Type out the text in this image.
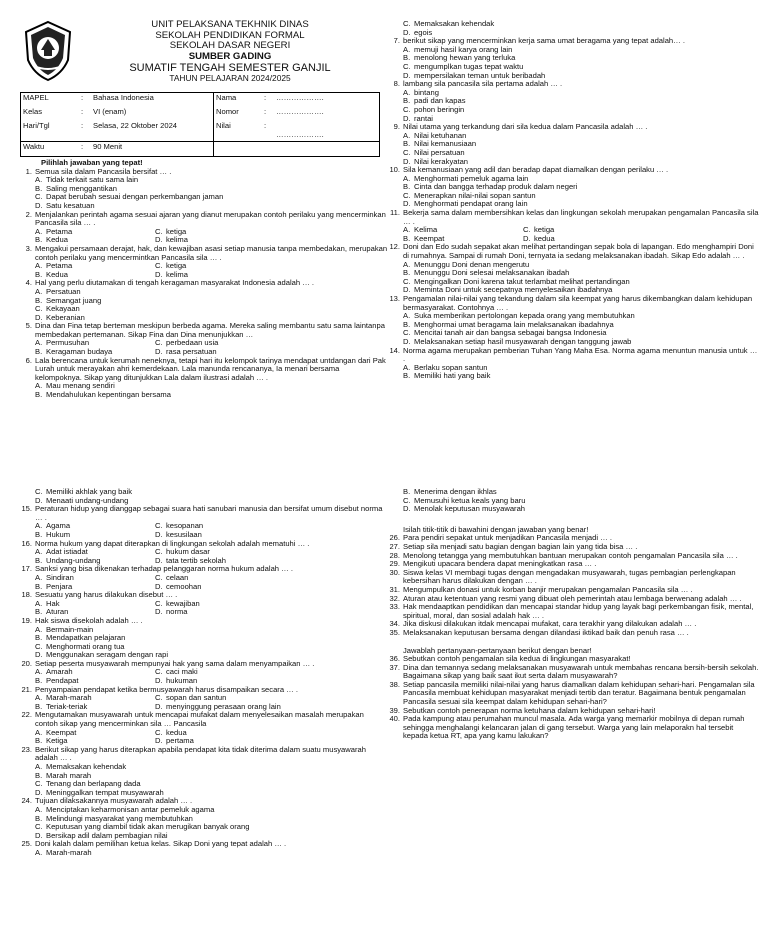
UNIT PELAKSANA TEKHNIK DINAS
SEKOLAH PENDIDIKAN FORMAL
SEKOLAH DASAR NEGERI
SUMBER GADING
SUMATIF TENGAH SEMESTER GANJIL
TAHUN PELAJARAN 2024/2025
MAPEL	:	Bahasa Indonesia	Nama	:	……………….
Kelas	:	VI (enam)	Nomor	:	……………….
Hari/Tgl	:	Selasa, 22 Oktober 2024	Nilai	:	……………….
Waktu	:	90 Menit			
Pilihlah jawaban yang tepat!
1. Semua sila dalam Pancasila bersifat … .
A. Tidak terkait satu sama lain
B. Saling menggantikan
C. Dapat berubah sesuai dengan perkembangan jaman
D. Satu kesatuan
2. Menjalankan perintah agama sesuai ajaran yang dianut merupakan contoh perilaku yang mencerminkan Pancasila sila … .
A. Petama	C. ketiga
B. Kedua	D. kelima
3. Mengakui persamaan derajat, hak, dan kewajiban asasi setiap manusia tanpa membedakan, merupakan contoh perilaku yang mencermintkan Pancasila sila … .
A. Petama	C. ketiga
B. Kedua	D. kelima
4. Hal yang perlu diutamakan di tengah keragaman masyarakat Indonesia adalah … .
A. Persatuan
B. Semangat juang
C. Kekayaan
D. Keberanian
5. Dina dan Fina tetap berteman meskipun berbeda agama. Mereka saling membantu satu sama laintanpa membedakan pertemanan. Sikap Fina dan Dina menunjukkan …
A. Permusuhan	C. perbedaan usia
B. Keragaman budaya	D. rasa persatuan
6. Lala berencana untuk kerumah neneknya, tetapi hari itu kelompok tarinya mendapat untdangan dari Pak Lurah untuk merayakan ahri kemerdekaan. Lala manunda rencananya, Ia menari bersama kelompoknya. Sikap yang ditunjukkan Lala dalam ilustrasi adalah … .
A. Mau menang sendiri
B. Mendahulukan kepentingan bersama
C. Memaksakan kehendak
D. egois
7. berikut sikap yang mencerminkan kerja sama umat beragama yang tepat adalah… .
A. memuji hasil karya orang lain
B. menolong hewan yang terluka
C. mengumplkan tugas tepat waktu
D. mempersilakan teman untuk beribadah
8. lambang sila pancasila sila pertama adalah … .
A. bintang
B. padi dan kapas
C. pohon beringin
D. rantai
9. Nilai utama yang terkandung dari sila kedua dalam Pancasila adalah … .
A. Nilai ketuhanan
B. Nilai kemanusiaan
C. Nilai persatuan
D. Nilai kerakyatan
10. Sila kemanusiaan yang adil dan beradap dapat diamalkan dengan perilaku … .
A. Menghormati pemeluk agama lain
B. Cinta dan bangga terhadap produk dalam negeri
C. Menerapkan nilai-nilai sopan santun
D. Menghormati pendapat orang lain
11. Bekerja sama dalam membersihkan kelas dan lingkungan sekolah merupakan pengamalan Pancasila sila … .
A. Kelima	C. ketiga
B. Keempat	D. kedua
12. Doni dan Edo sudah sepakat akan melihat pertandingan sepak bola di lapangan. Edo menghampiri Doni di rumahnya. Sampai di rumah Doni, ternyata ia sedang melaksanakan ibadah. Sikap Edo adalah … .
A. Menunggu Doni denan mengerutu
B. Menunggu Doni selesai melaksanakan ibadah
C. Mengingalkan Doni karena takut terlambat melihat pertandingan
D. Meminta Doni untuk secepatnya menyelesaikan ibadahnya
13. Pengamalan nilai-nilai yang tekandung dalam sila keempat yang harus dikembangkan dalam kehidupan bermasyarakat. Contohnya … .
A. Suka memberikan pertolongan kepada orang yang membutuhkan
B. Menghormai umat beragama lain melaksanakan ibadahnya
C. Mencitai tanah air dan bangsa sebagai bangsa Indonesia
D. Melaksanakan setiap hasil musyawarah dengan tanggung jawab
14. Norma agama merupakan pemberian Tuhan Yang Maha Esa. Norma agama menuntun manusia untuk … .
A. Berlaku sopan santun
B. Memiliki hati yang baik
C. Memiliki akhlak yang baik
D. Menaati undang-undang
15. Peraturan hidup yang dianggap sebagai suara hati sanubari manusia dan bersifat umum disebut norma … .
A. Agama	C. kesopanan
B. Hukum	D. kesusilaan
16. Norma hukum yang dapat diterapkan di lingkungan sekolah adalah mematuhi … .
A. Adat istiadat	C. hukum dasar
B. Undang-undang	D. tata tertib sekolah
17. Sanksi yang bisa dikenakan terhadap pelanggaran norma hukum adalah … .
A. Sindiran	C. celaan
B. Penjara	D. cemoohan
18. Sesuatu yang harus dilakukan disebut … .
A. Hak	C. kewajiban
B. Aturan	D. norma
19. Hak siswa disekolah adalah … .
A. Bermain-main
B. Mendapatkan pelajaran
C. Menghormati orang tua
D. Menggunakan seragam dengan rapi
20. Setiap peserta musyawarah mempunyai hak yang sama dalam menyampaikan … .
A. Amarah	C. caci maki
B. Pendapat	D. hukuman
21. Penyampaian pendapat ketika bermusyawarah harus disampaikan secara … .
A. Marah-marah	C. sopan dan santun
B. Teriak-teriak	D. menyinggung perasaan orang lain
22. Mengutamakan musyawarah untuk mencapai mufakat dalam menyelesaikan masalah merupakan contoh sikap yang mencerminkan sila … Pancasila
A. Keempat	C. kedua
B. Ketiga	D. pertama
23. Berikut sikap yang harus diterapkan apabila pendapat kita tidak diterima dalam suatu musyawarah adalah … .
A. Memaksakan kehendak
B. Marah marah
C. Tenang dan berlapang dada
D. Meninggalkan tempat musyawarah
24. Tujuan dilaksakannya musyawarah adalah … .
A. Menciptakan keharmonisan antar pemeluk agama
B. Melindungi masyarakat yang membutuhkan
C. Keputusan yang diambil tidak akan merugikan banyak orang
D. Bersikap adil dalam pembagian nilai
25. Doni kalah dalam pemilihan ketua kelas. Sikap Doni yang tepat adalah … .
A. Marah-marah
B. Menerima dengan ikhlas
C. Memusuhi ketua keals yang baru
D. Menolak keputusan musyawarah
Isilah titik-titik di bawahini dengan jawaban yang benar!
26. Para pendiri sepakat untuk menjadikan Pancasila menjadi … .
27. Setiap sila menjadi satu bagian dengan bagian lain yang tida bisa … .
28. Menolong tetangga yang membutuhkan bantuan merupakan contoh pengamalan Pancasila sila … .
29. Mengikuti upacara bendera dapat meningkatkan rasa … .
30. Siswa kelas VI membagi tugas dengan mengadakan musyawarah, tugas pembagian perlengkapan kebersihan harus dilakukan dengan … .
31. Mengumpulkan donasi untuk korban banjir merupakan pengamalan Pancasila sila … .
32. Aturan atau ketentuan yang resmi yang dibuat oleh pemerintah atau lembaga berwenang adalah … .
33. Hak mendaaptkan pendidikan dan mencapai standar hidup yang layak bagi perkembangan fisik, mental, spiritual, moral, dan sosial adalah hak … .
34. Jika diskusi dilakukan itdak mencapai mufakat, cara terakhir yang dilakukan adalah … .
35. Melaksanakan keputusan bersama dengan dilandasi iktikad baik dan penuh rasa … .
Jawablah pertanyaan-pertanyaan berikut dengan benar!
36. Sebutkan contoh pengamalan sila kedua di lingkungan masyarakat!
37. Dina dan temannya sedang melaksanakan musyawarah untuk membahas rencana bersih-bersih sekolah. Bagaimana sikap yang baik saat ikut serta dalam musyawarah?
38. Setiap pancasila memiliki nilai-nilai yang harus diamalkan dalam kehidupan sehari-hari. Pengamalan sila Pancasila membuat kehidupan masyarakat menjadi tertib dan teratur. Bagaimana bentuk pengamalan Pancasila sesuai sila keempat dalam kehidupan sehari-hari?
39. Sebutkan contoh penerapan norma ketuhana dalam kehidupan sehari-hari!
40. Pada kampung atau perumahan muncul masala. Ada warga yang memarkir mobilnya di depan rumah sehingga menghalangi kelancaran jalan di gang tersebut. Warga yang lain melaporakn hal tersebit kepada ketua RT, apa yang kamu lakukan?
